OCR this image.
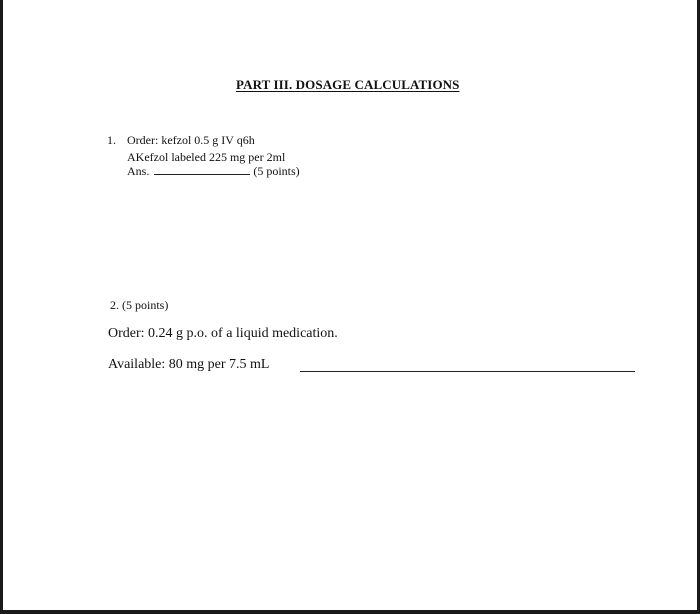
PART III. DOSAGE CALCULATIONS
1. Order: kefzol 0.5 g IV q6h
AKefzol labeled 225 mg per 2ml
Ans.	(5 points)
2. (5 points)
Order: 0.24 g p.o. of a liquid medication.
Available: 80 mg per 7.5 mL
